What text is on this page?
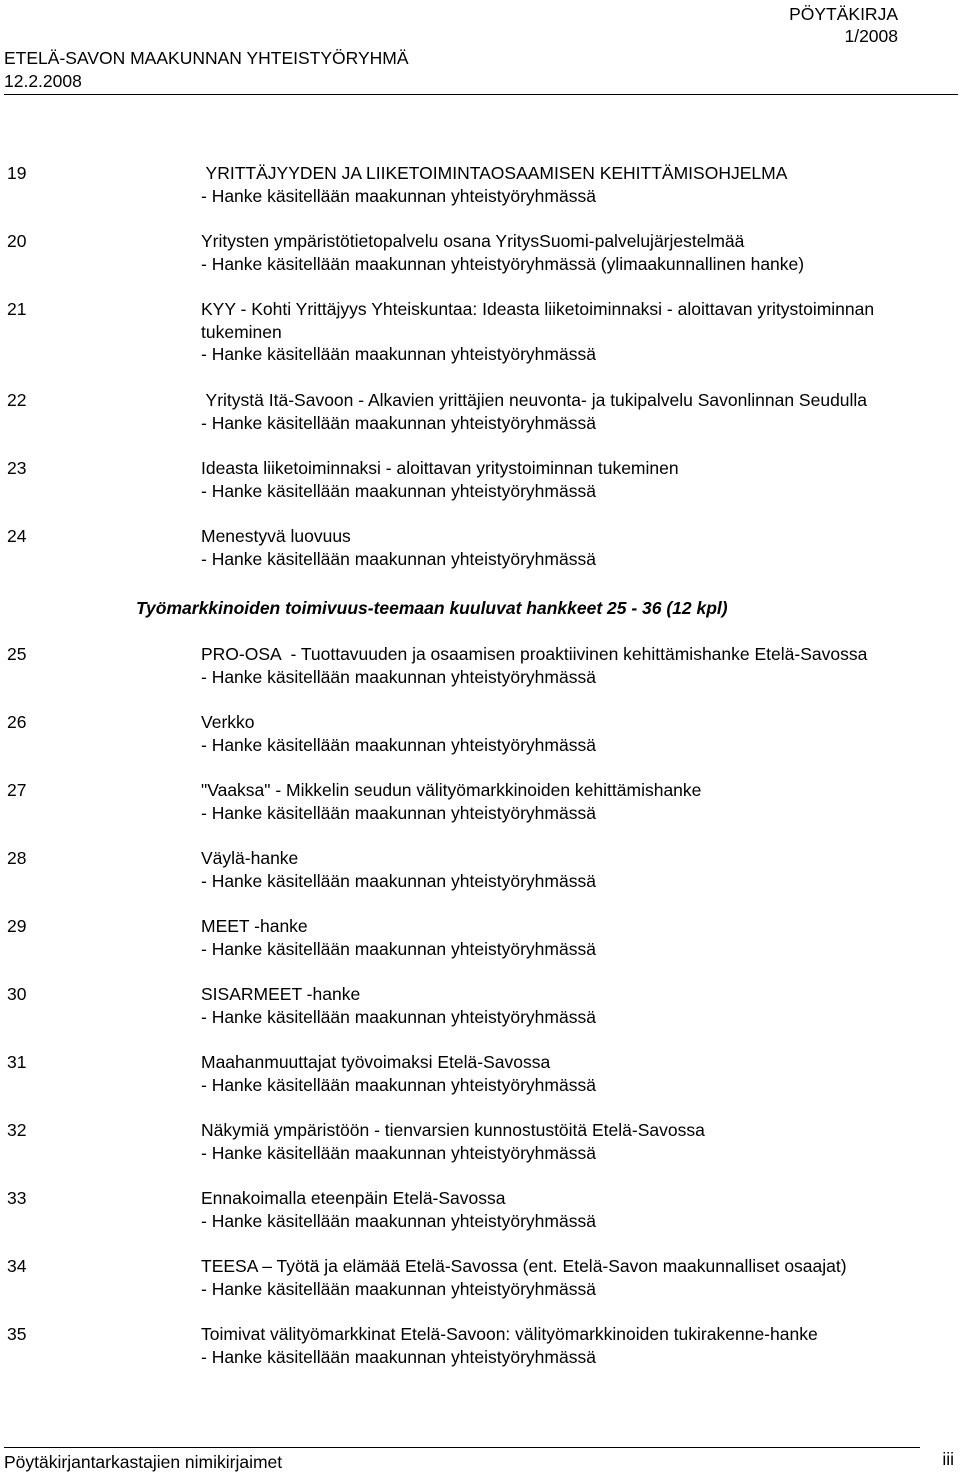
PÖYTÄKIRJA
1/2008
ETELÄ-SAVON MAAKUNNAN YHTEISTYÖRYHMÄ
12.2.2008
19	YRITTÄJYYDEN JA LIIKETOIMINTAOSAAMISEN KEHITTÄMISOHJELMA
- Hanke käsitellään maakunnan yhteistyöryhmässä
20	Yritysten ympäristötietopalvelu osana YritysSuomi-palvelujärjestelmää
- Hanke käsitellään maakunnan yhteistyöryhmässä (ylimaakunnallinen hanke)
21	KYY - Kohti Yrittäjyys Yhteiskuntaa: Ideasta liiketoiminnaksi - aloittavan yritystoiminnan
tukeminen
- Hanke käsitellään maakunnan yhteistyöryhmässä
22	Yritystä Itä-Savoon - Alkavien yrittäjien neuvonta- ja tukipalvelu Savonlinnan Seudulla
- Hanke käsitellään maakunnan yhteistyöryhmässä
23	Ideasta liiketoiminnaksi - aloittavan yritystoiminnan tukeminen
- Hanke käsitellään maakunnan yhteistyöryhmässä
24	Menestyvä luovuus
- Hanke käsitellään maakunnan yhteistyöryhmässä
Työmarkkinoiden toimivuus-teemaan kuuluvat hankkeet 25 - 36 (12 kpl)
25	PRO-OSA  - Tuottavuuden ja osaamisen proaktiivinen kehittämishanke Etelä-Savossa
- Hanke käsitellään maakunnan yhteistyöryhmässä
26	Verkko
- Hanke käsitellään maakunnan yhteistyöryhmässä
27	"Vaaksa" - Mikkelin seudun välityömarkkinoiden kehittämishanke
- Hanke käsitellään maakunnan yhteistyöryhmässä
28	Väylä-hanke
- Hanke käsitellään maakunnan yhteistyöryhmässä
29	MEET -hanke
- Hanke käsitellään maakunnan yhteistyöryhmässä
30	SISARMEET -hanke
- Hanke käsitellään maakunnan yhteistyöryhmässä
31	Maahanmuuttajat työvoimaksi Etelä-Savossa
- Hanke käsitellään maakunnan yhteistyöryhmässä
32	Näkymiä ympäristöön - tienvarsien kunnostustöitä Etelä-Savossa
- Hanke käsitellään maakunnan yhteistyöryhmässä
33	Ennakoimalla eteenpäin Etelä-Savossa
- Hanke käsitellään maakunnan yhteistyöryhmässä
34	TEESA – Työtä ja elämää Etelä-Savossa (ent. Etelä-Savon maakunnalliset osaajat)
- Hanke käsitellään maakunnan yhteistyöryhmässä
35	Toimivat välityömarkkinat Etelä-Savoon: välityömarkkinoiden tukirakenne-hanke
- Hanke käsitellään maakunnan yhteistyöryhmässä
Pöytäkirjantarkastajien nimikirjaimet	iii
